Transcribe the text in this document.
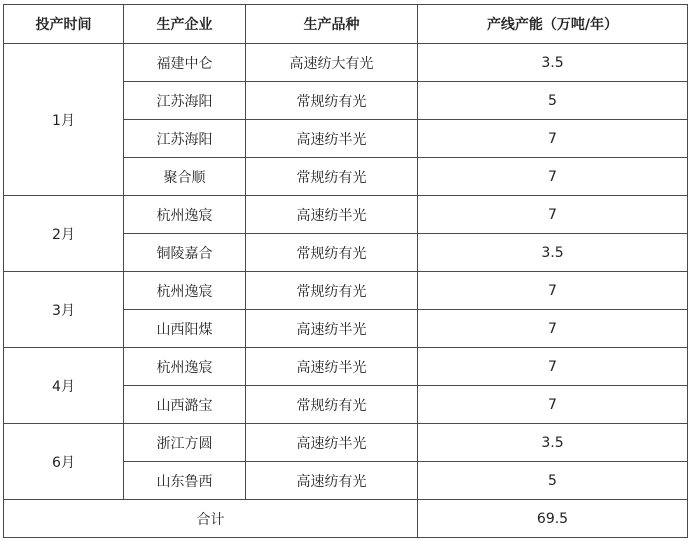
投产时间	生产企业	生产品种	产线产能（万吨/年）
1月	福建中仑	高速纺大有光	3.5
	江苏海阳	常规纺有光	5
	江苏海阳	高速纺半光	7
	聚合顺	常规纺有光	7
2月	杭州逸宸	高速纺半光	7
	铜陵嘉合	常规纺有光	3.5
3月	杭州逸宸	常规纺有光	7
	山西阳煤	高速纺半光	7
4月	杭州逸宸	高速纺半光	7
	山西潞宝	常规纺有光	7
6月	浙江方圆	高速纺半光	3.5
	山东鲁西	高速纺有光	5
合计			69.5
